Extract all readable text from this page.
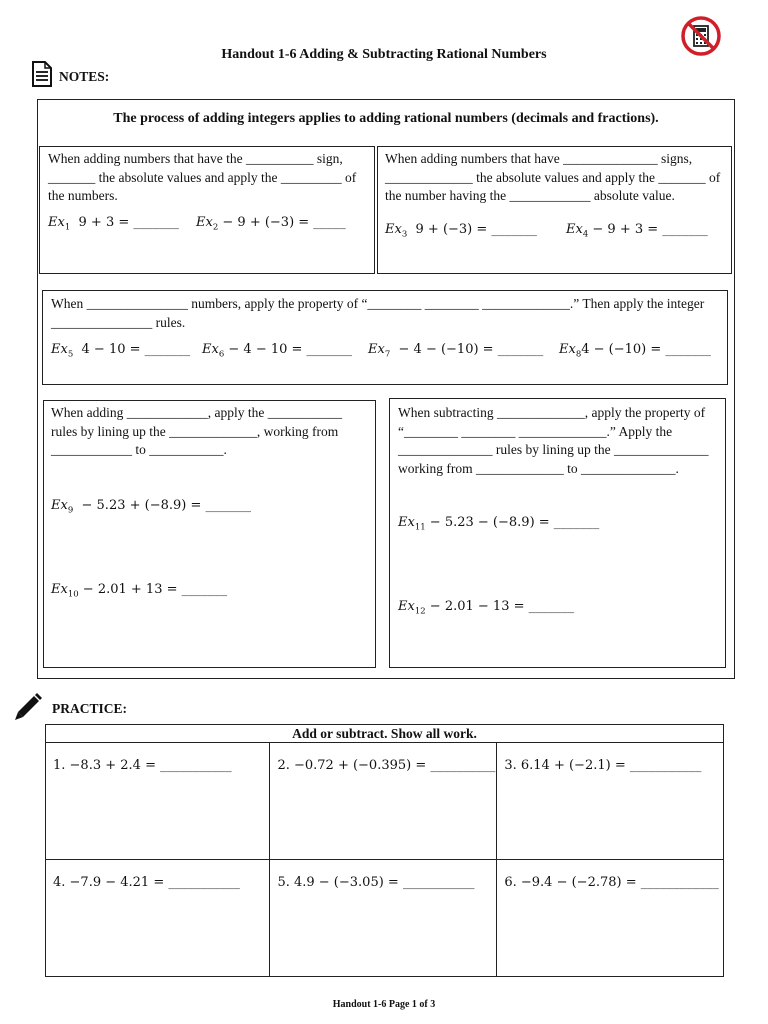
Handout 1-6 Adding & Subtracting Rational Numbers
NOTES:
The process of adding integers applies to adding rational numbers (decimals and fractions).
When adding numbers that have the __________ sign, _______ the absolute values and apply the _________ of the numbers.
$Ex_1$ 9 + 3 = _______ $Ex_2 - 9 + (-3)$ = _____
When adding numbers that have ______________ signs, _____________ the absolute values and apply the _______ of the number having the ____________ absolute value.
$Ex_3$ 9 + (−3) = _______ $Ex_4 - 9 + 3$ = _______
When _______________ numbers, apply the property of “________ ________ _____________.” Then apply the integer _______________ rules.
$Ex_5$ 4 − 10 = _______ $Ex_6 - 4 - 10$ = _______ $Ex_7 - 4 - (-10)$ = _______ $Ex_84 - (-10)$ = _______
When adding ____________, apply the ___________ rules by lining up the _____________, working from ____________ to ___________.
$Ex_9 - 5.23 + (-8.9)$ = _______
$Ex_{10} - 2.01 + 13$ = _______
When subtracting _____________, apply the property of “________ ________ _____________.” Apply the ______________ rules by lining up the ______________ working from _____________ to ______________.
$Ex_{11} - 5.23 - (-8.9)$ = _______
$Ex_{12} - 2.01 - 13$ = _______
PRACTICE:
Add or subtract. Show all work.		

1. −8.3 + 2.4 = ___________	2. −0.72 + (−0.395) = __________	3. 6.14 + (−2.1) = ___________

4. −7.9 − 4.21 = ___________	5. 4.9 − (−3.05) = ___________	6. −9.4 − (−2.78) = ____________
Handout 1-6 Page 1 of 3
